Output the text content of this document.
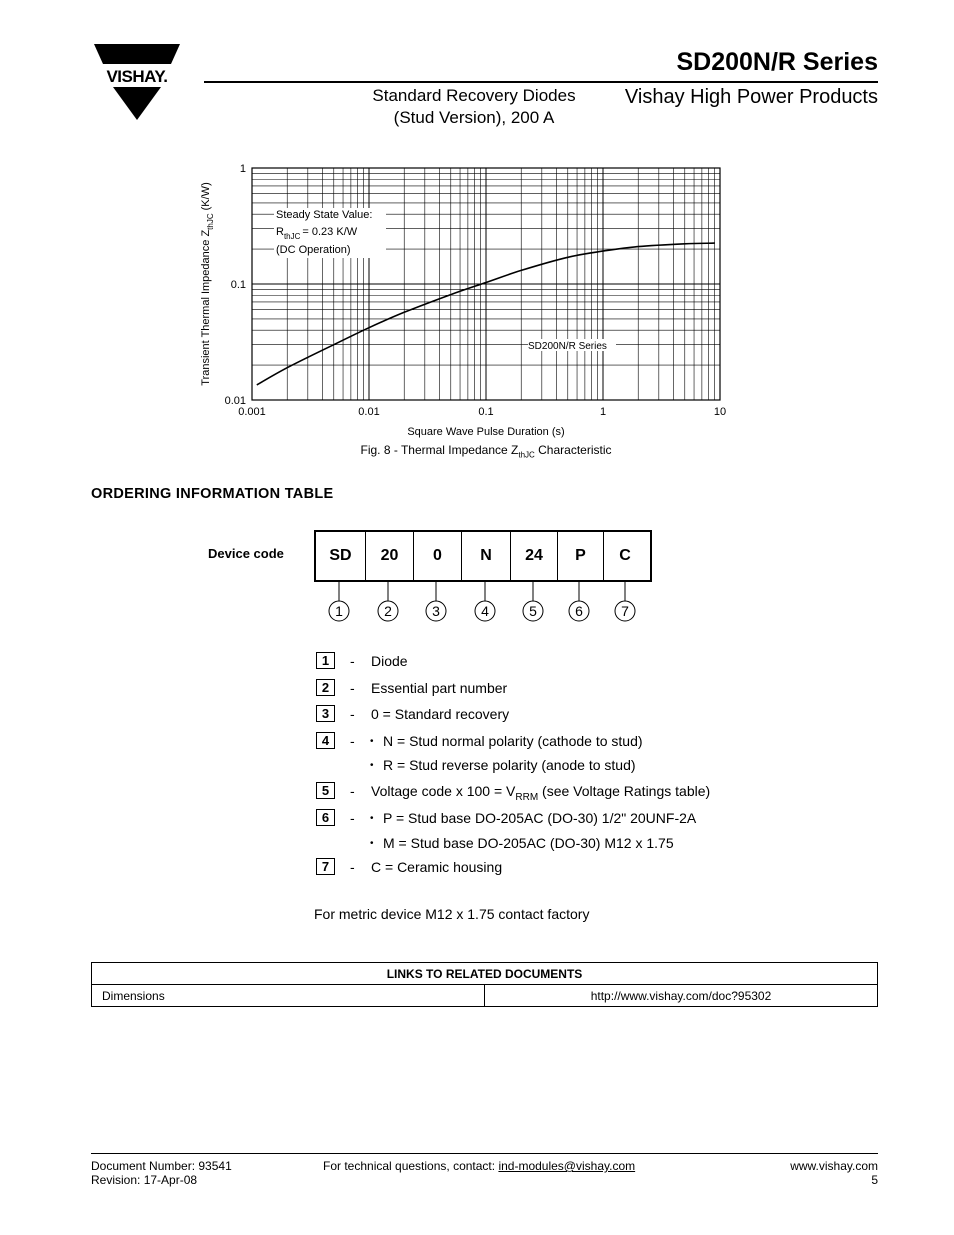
VISHAY.
SD200N/R Series
Standard Recovery Diodes
(Stud Version), 200 A
Vishay High Power Products
0.001	0.01	0.1	1	10
0.01
0.1
1
Steady State Value:
$R_{thJC} = 0.23$ K/W
(DC Operation)
SD200N/R Series
Transient Thermal Impedance $Z_{thJC}(K/W)$
Square Wave Pulse Duration (s)
Fig. 8 - Thermal Impedance $Z_{thJC}$ Characteristic
ORDERING INFORMATION TABLE
Device code	SD	20	0	N	24	P	C
1	2	3	4	5	6	7
1	- Diode
2	- Essential part number
3	- 0 = Standard recovery
4	- • N = Stud normal polarity (cathode to stud)
• R = Stud reverse polarity (anode to stud)
5	- Voltage code x $100 = V_{RRM}$ (see Voltage Ratings table)
6	- • P = Stud base DO-205AC (DO-30) 1/2" 20UNF-2A
• M = Stud base DO-205AC (DO-30) M12 x 1.75
7	- C = Ceramic housing
For metric device M12 x 1.75 contact factory
LINKS TO RELATED DOCUMENTS
Dimensions	http://www.vishay.com/doc?95302
Document Number: 93541
Revision: 17-Apr-08
For technical questions, contact: ind-modules@vishay.com	www.vishay.com
5
